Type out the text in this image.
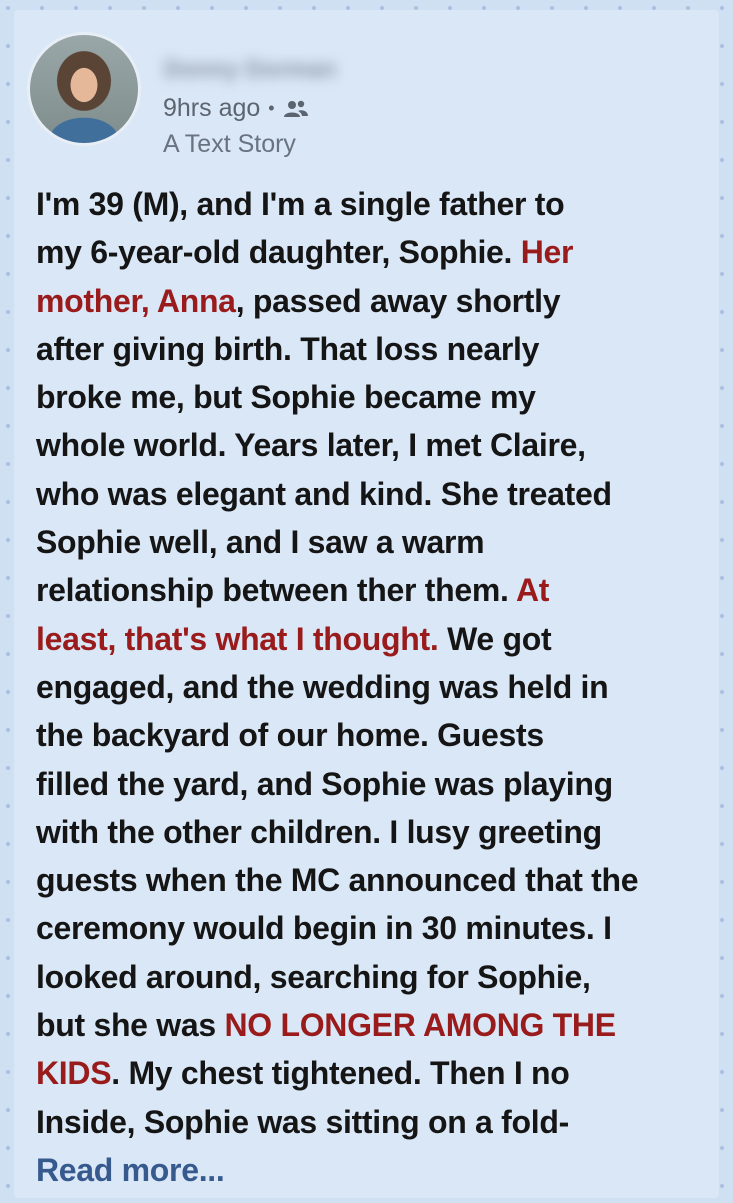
Donny Dorman
9hrs ago •
A Text Story
I'm 39 (M), and I'm a single father to
my 6-year-old daughter, Sophie. Her
mother, Anna, passed away shortly
after giving birth. That loss nearly
broke me, but Sophie became my
whole world. Years later, I met Claire,
who was elegant and kind. She treated
Sophie well, and I saw a warm
relationship between ther them. At
least, that's what I thought. We got
engaged, and the wedding was held in
the backyard of our home. Guests
filled the yard, and Sophie was playing
with the other children. I lusy greeting
guests when the MC announced that the
ceremony would begin in 30 minutes. I
looked around, searching for Sophie,
but she was NO LONGER AMONG THE
KIDS. My chest tightened. Then I no
Inside, Sophie was sitting on a fold-
Read more...
